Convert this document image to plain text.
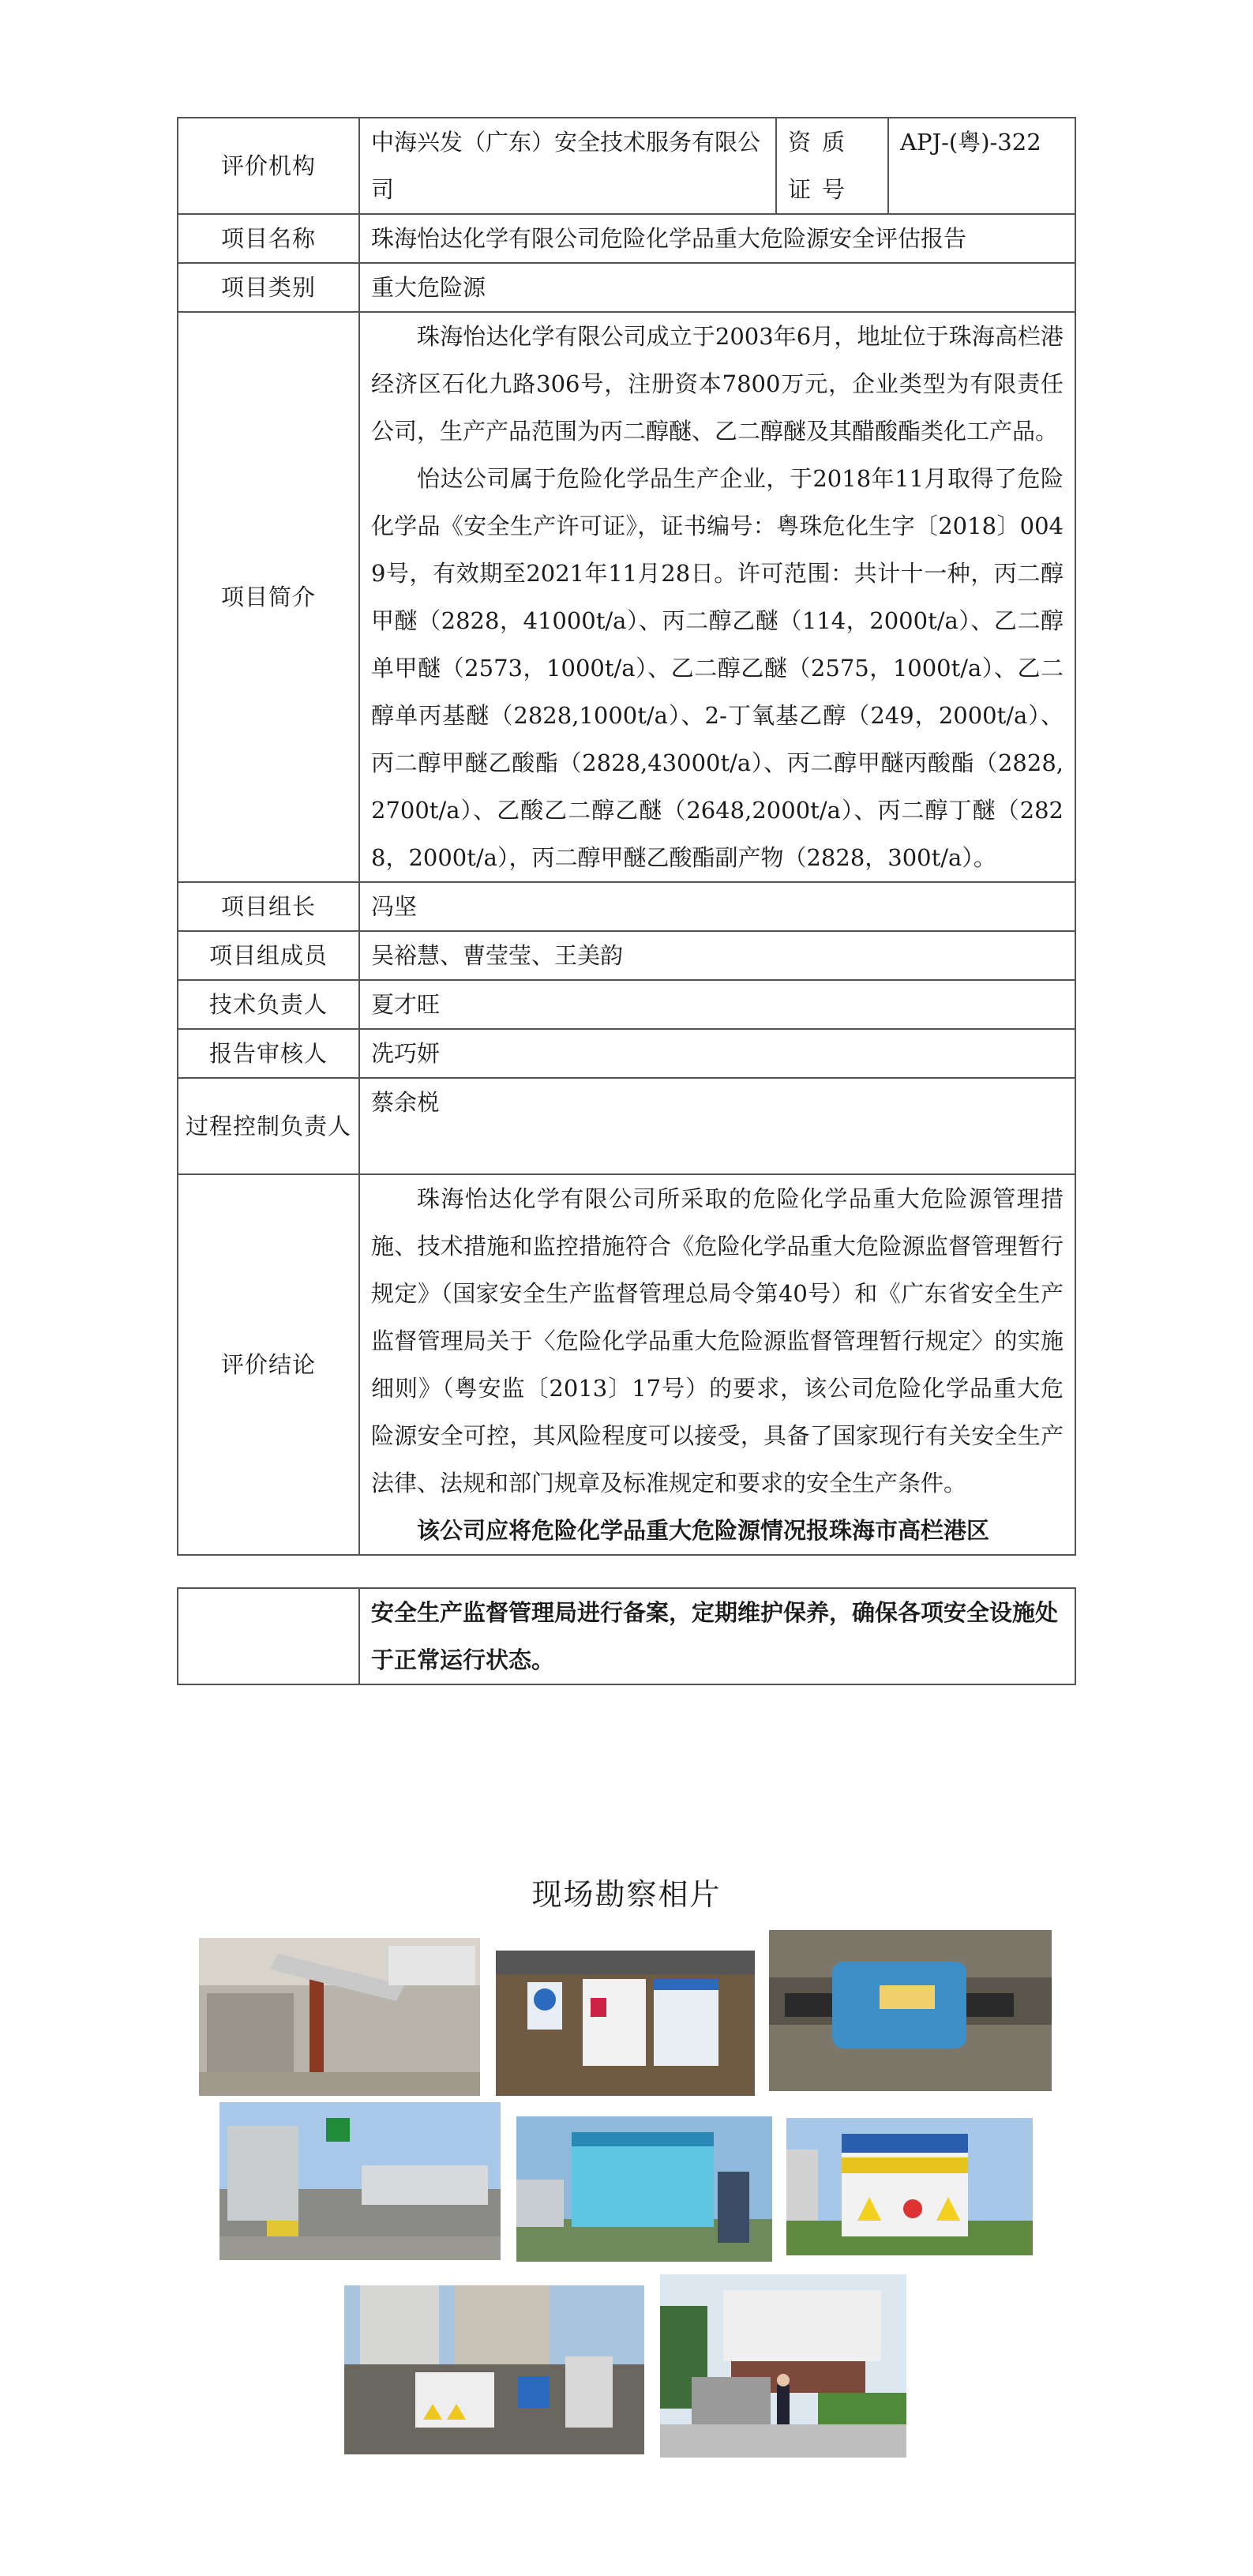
评价机构	中海兴发（广东）安全技术服务有限公司	资质证号	APJ-(粤)-322
项目名称	珠海怡达化学有限公司危险化学品重大危险源安全评估报告		
项目类别	重大危险源		
项目简介	珠海怡达化学有限公司成立于2003年6月，地址位于珠海高栏港经济区石化九路306号，注册资本7800万元，企业类型为有限责任公司，生产产品范围为丙二醇醚、乙二醇醚及其醋酸酯类化工产品。

怡达公司属于危险化学品生产企业，于2018年11月取得了危险化学品《安全生产许可证》，证书编号：粤珠危化生字〔2018〕0049号，有效期至2021年11月28日。许可范围：共计十一种，丙二醇甲醚（2828，41000t/a）、丙二醇乙醚（114，2000t/a）、乙二醇单甲醚（2573，1000t/a）、乙二醇乙醚（2575，1000t/a）、乙二醇单丙基醚（2828,1000t/a）、2-丁氧基乙醇（249，2000t/a）、丙二醇甲醚乙酸酯（2828,43000t/a）、丙二醇甲醚丙酸酯（2828,2700t/a）、乙酸乙二醇乙醚（2648,2000t/a）、丙二醇丁醚（2828，2000t/a），丙二醇甲醚乙酸酯副产物（2828，300t/a）。		

项目组长	冯坚		
项目组成员	吴裕慧、曹莹莹、王美韵		
技术负责人	夏才旺		
报告审核人	冼巧妍		
过程控制负责人	蔡余棁		
评价结论	珠海怡达化学有限公司所采取的危险化学品重大危险源管理措施、技术措施和监控措施符合《危险化学品重大危险源监督管理暂行规定》（国家安全生产监督管理总局令第40号）和《广东省安全生产监督管理局关于〈危险化学品重大危险源监督管理暂行规定〉的实施细则》（粤安监〔2013〕17号）的要求，该公司危险化学品重大危险源安全可控，其风险程度可以接受，具备了国家现行有关安全生产法律、法规和部门规章及标准规定和要求的安全生产条件。

该公司应将危险化学品重大危险源情况报珠海市高栏港区		

	安全生产监督管理局进行备案，定期维护保养，确保各项安全设施处于正常运行状态。
现场勘察相片
